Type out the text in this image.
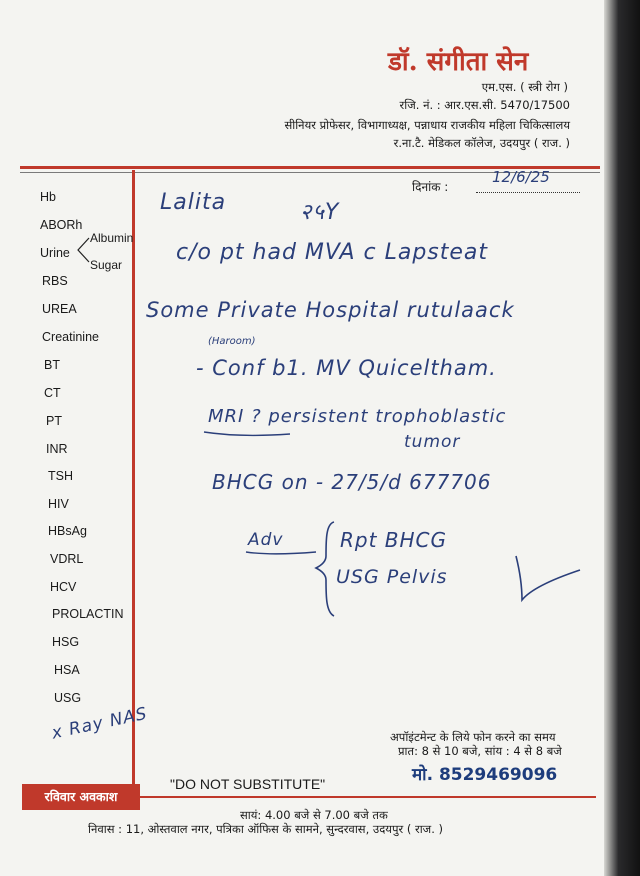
डॉ. संगीता सेन
एम.एस. ( स्त्री रोग )
रजि. नं. : आर.एस.सी. 5470/17500
सीनियर प्रोफेसर, विभागाध्यक्ष, पन्नाधाय राजकीय महिला चिकित्सालय
र.ना.टै. मेडिकल कॉलेज, उदयपुर ( राज. )
दिनांक :
12/6/25
Hb
ABORh
Urine
Albumin
Sugar
RBS
UREA
Creatinine
BT
CT
PT
INR
TSH
HIV
HBsAg
VDRL
HCV
PROLACTIN
HSG
HSA
USG
Lalita	२५Y
c/o pt had MVA c Lapsteat
Some Private Hospital rutulaack
(Haroom)
- Conf b1. MV Quiceltham.
MRI ? persistent trophoblastic
tumor
BHCG on - 27/5/d 677706
Adv	Rpt BHCG
USG Pelvis
x Ray NAS	अपॉइंटमेन्ट के लिये फोन करने का समय
प्रात: 8 से 10 बजे, सांय : 4 से 8 बजे
मो. 8529469096
"DO NOT SUBSTITUTE"
रविवार अवकाश
सायं: 4.00 बजे से 7.00 बजे तक
निवास : 11, ओस्तवाल नगर, पत्रिका ऑफिस के सामने, सुन्दरवास, उदयपुर ( राज. )
